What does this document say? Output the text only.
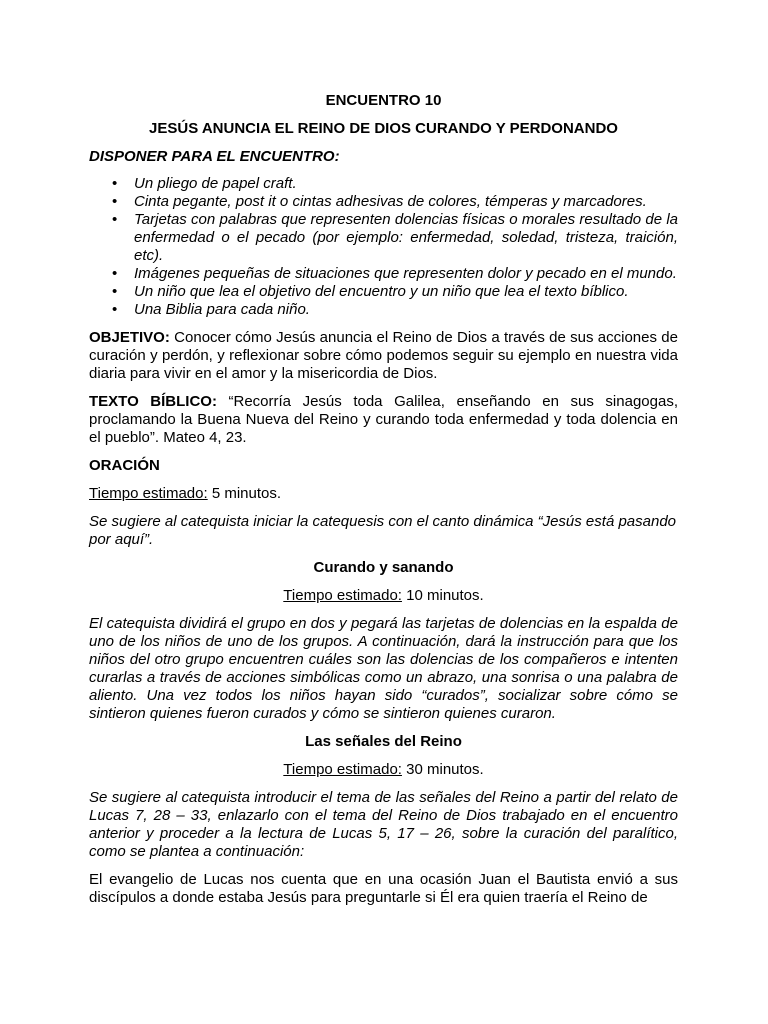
ENCUENTRO 10
JESÚS ANUNCIA EL REINO DE DIOS CURANDO Y PERDONANDO
DISPONER PARA EL ENCUENTRO:
• Un pliego de papel craft.
• Cinta pegante, post it o cintas adhesivas de colores, témperas y marcadores.
• Tarjetas con palabras que representen dolencias físicas o morales resultado de la enfermedad o el pecado (por ejemplo: enfermedad, soledad, tristeza, traición, etc).
• Imágenes pequeñas de situaciones que representen dolor y pecado en el mundo.
• Un niño que lea el objetivo del encuentro y un niño que lea el texto bíblico.
• Una Biblia para cada niño.

OBJETIVO: Conocer cómo Jesús anuncia el Reino de Dios a través de sus acciones de curación y perdón, y reflexionar sobre cómo podemos seguir su ejemplo en nuestra vida diaria para vivir en el amor y la misericordia de Dios.

TEXTO BÍBLICO: “Recorría Jesús toda Galilea, enseñando en sus sinagogas, proclamando la Buena Nueva del Reino y curando toda enfermedad y toda dolencia en el pueblo”. Mateo 4, 23.

ORACIÓN

Tiempo estimado: 5 minutos.

Se sugiere al catequista iniciar la catequesis con el canto dinámica “Jesús está pasando por aquí”.

Curando y sanando

Tiempo estimado: 10 minutos.

El catequista dividirá el grupo en dos y pegará las tarjetas de dolencias en la espalda de uno de los niños de uno de los grupos. A continuación, dará la instrucción para que los niños del otro grupo encuentren cuáles son las dolencias de los compañeros e intenten curarlas a través de acciones simbólicas como un abrazo, una sonrisa o una palabra de aliento. Una vez todos los niños hayan sido “curados”, socializar sobre cómo se sintieron quienes fueron curados y cómo se sintieron quienes curaron.

Las señales del Reino

Tiempo estimado: 30 minutos.

Se sugiere al catequista introducir el tema de las señales del Reino a partir del relato de Lucas 7, 28 – 33, enlazarlo con el tema del Reino de Dios trabajado en el encuentro anterior y proceder a la lectura de Lucas 5, 17 – 26, sobre la curación del paralítico, como se plantea a continuación:

El evangelio de Lucas nos cuenta que en una ocasión Juan el Bautista envió a sus discípulos a donde estaba Jesús para preguntarle si Él era quien traería el Reino de
